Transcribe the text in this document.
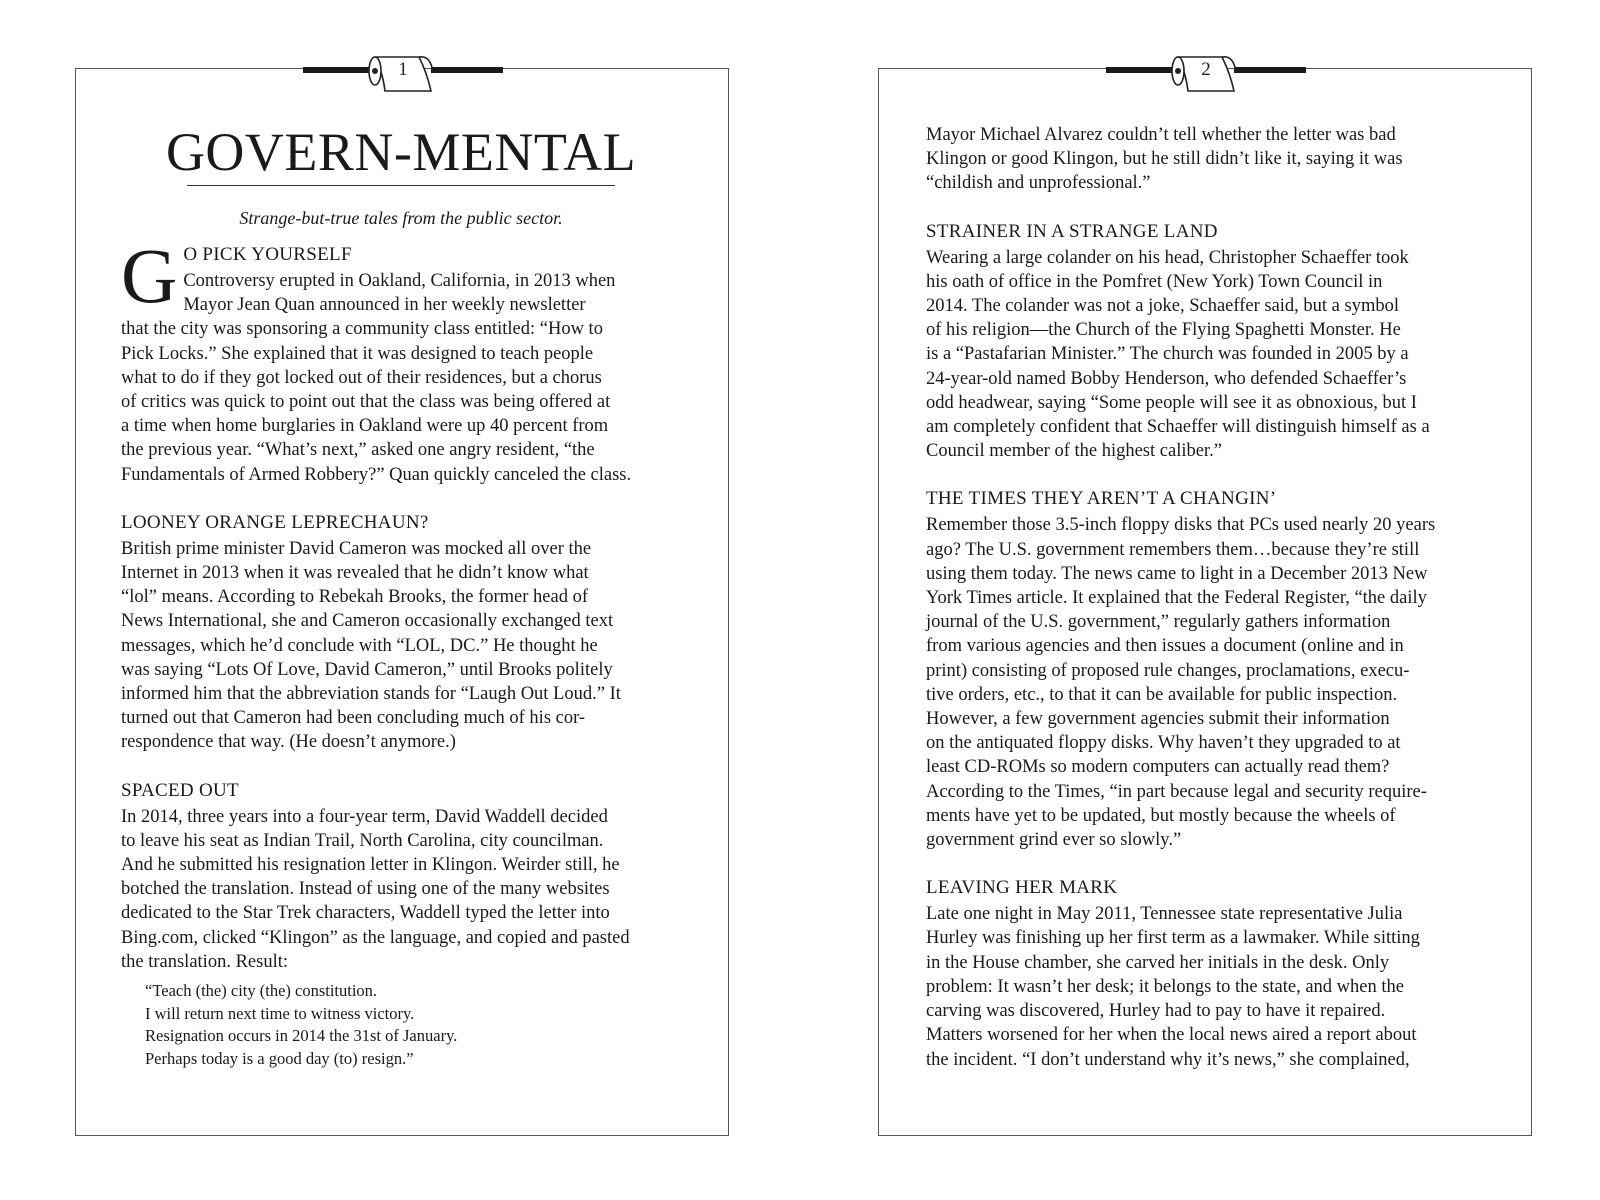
1
GOVERN-MENTAL
Strange-but-true tales from the public sector.
G O PICK YOURSELF
Controversy erupted in Oakland, California, in 2013 when
Mayor Jean Quan announced in her weekly newsletter
that the city was sponsoring a community class entitled: “How to
Pick Locks.” She explained that it was designed to teach people
what to do if they got locked out of their residences, but a chorus
of critics was quick to point out that the class was being offered at
a time when home burglaries in Oakland were up 40 percent from
the previous year. “What’s next,” asked one angry resident, “the
Fundamentals of Armed Robbery?” Quan quickly canceled the class.
LOONEY ORANGE LEPRECHAUN?
British prime minister David Cameron was mocked all over the
Internet in 2013 when it was revealed that he didn’t know what
“lol” means. According to Rebekah Brooks, the former head of
News International, she and Cameron occasionally exchanged text
messages, which he’d conclude with “LOL, DC.” He thought he
was saying “Lots Of Love, David Cameron,” until Brooks politely
informed him that the abbreviation stands for “Laugh Out Loud.” It
turned out that Cameron had been concluding much of his cor-
respondence that way. (He doesn’t anymore.)
SPACED OUT
In 2014, three years into a four-year term, David Waddell decided
to leave his seat as Indian Trail, North Carolina, city councilman.
And he submitted his resignation letter in Klingon. Weirder still, he
botched the translation. Instead of using one of the many websites
dedicated to the Star Trek characters, Waddell typed the letter into
Bing.com, clicked “Klingon” as the language, and copied and pasted
the translation. Result:
“Teach (the) city (the) constitution.
I will return next time to witness victory.
Resignation occurs in 2014 the 31st of January.
Perhaps today is a good day (to) resign.”
2
Mayor Michael Alvarez couldn’t tell whether the letter was bad
Klingon or good Klingon, but he still didn’t like it, saying it was
“childish and unprofessional.”
STRAINER IN A STRANGE LAND
Wearing a large colander on his head, Christopher Schaeffer took
his oath of office in the Pomfret (New York) Town Council in
2014. The colander was not a joke, Schaeffer said, but a symbol
of his religion—the Church of the Flying Spaghetti Monster. He
is a “Pastafarian Minister.” The church was founded in 2005 by a
24-year-old named Bobby Henderson, who defended Schaeffer’s
odd headwear, saying “Some people will see it as obnoxious, but I
am completely confident that Schaeffer will distinguish himself as a
Council member of the highest caliber.”
THE TIMES THEY AREN’T A CHANGIN’
Remember those 3.5-inch floppy disks that PCs used nearly 20 years
ago? The U.S. government remembers them…because they’re still
using them today. The news came to light in a December 2013 New
York Times article. It explained that the Federal Register, “the daily
journal of the U.S. government,” regularly gathers information
from various agencies and then issues a document (online and in
print) consisting of proposed rule changes, proclamations, execu-
tive orders, etc., to that it can be available for public inspection.
However, a few government agencies submit their information
on the antiquated floppy disks. Why haven’t they upgraded to at
least CD-ROMs so modern computers can actually read them?
According to the Times, “in part because legal and security require-
ments have yet to be updated, but mostly because the wheels of
government grind ever so slowly.”
LEAVING HER MARK
Late one night in May 2011, Tennessee state representative Julia
Hurley was finishing up her first term as a lawmaker. While sitting
in the House chamber, she carved her initials in the desk. Only
problem: It wasn’t her desk; it belongs to the state, and when the
carving was discovered, Hurley had to pay to have it repaired.
Matters worsened for her when the local news aired a report about
the incident. “I don’t understand why it’s news,” she complained,
